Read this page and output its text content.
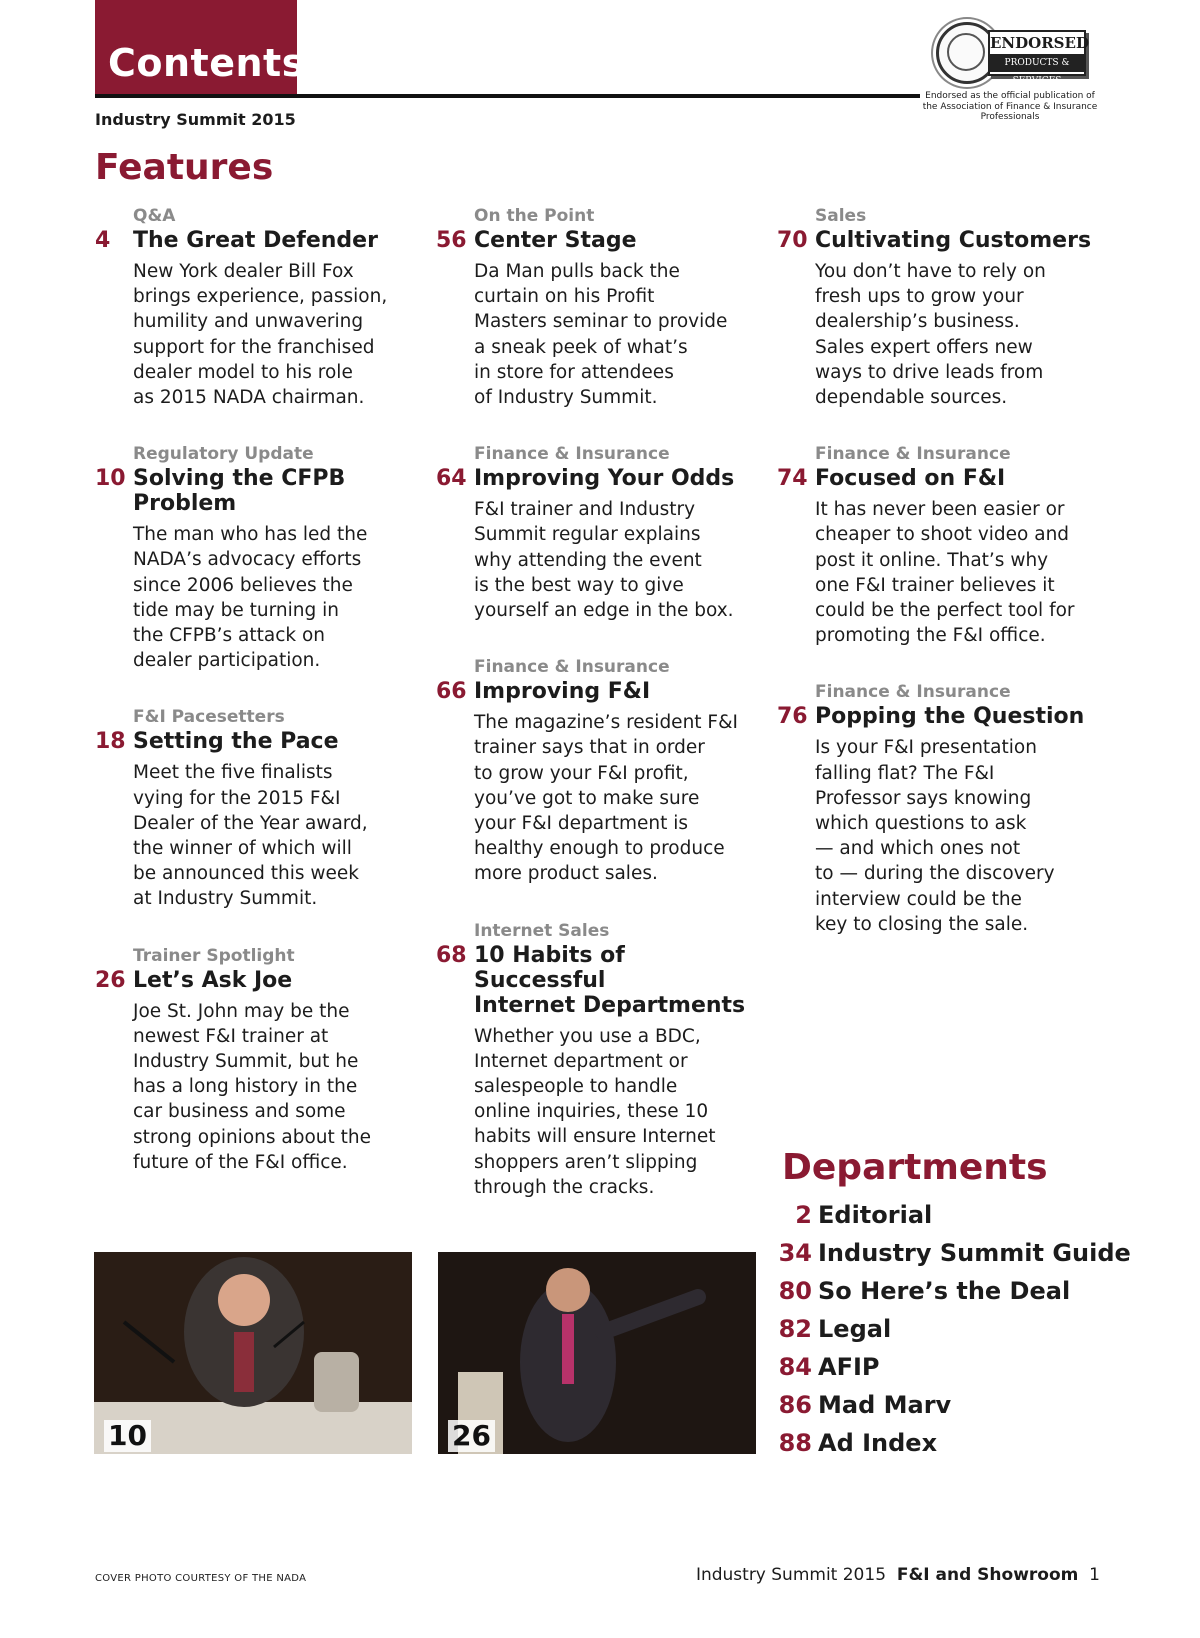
Contents
Industry Summit 2015
ENDORSED
PRODUCTS & SERVICES
Endorsed as the official publication of the Association of Finance & Insurance Professionals
Features
Q&A
4 The Great Defender
New York dealer Bill Fox
brings experience, passion,
humility and unwavering
support for the franchised
dealer model to his role
as 2015 NADA chairman.
Regulatory Update
10 Solving the CFPB
Problem
The man who has led the
NADA’s advocacy efforts
since 2006 believes the
tide may be turning in
the CFPB’s attack on
dealer participation.
F&I Pacesetters
18 Setting the Pace
Meet the five finalists
vying for the 2015 F&I
Dealer of the Year award,
the winner of which will
be announced this week
at Industry Summit.
Trainer Spotlight
26 Let’s Ask Joe
Joe St. John may be the
newest F&I trainer at
Industry Summit, but he
has a long history in the
car business and some
strong opinions about the
future of the F&I office.
On the Point
56 Center Stage
Da Man pulls back the
curtain on his Profit
Masters seminar to provide
a sneak peek of what’s
in store for attendees
of Industry Summit.
Finance & Insurance
64 Improving Your Odds
F&I trainer and Industry
Summit regular explains
why attending the event
is the best way to give
yourself an edge in the box.
Finance & Insurance
66 Improving F&I
The magazine’s resident F&I
trainer says that in order
to grow your F&I profit,
you’ve got to make sure
your F&I department is
healthy enough to produce
more product sales.
Internet Sales
68 10 Habits of Successful
Internet Departments
Whether you use a BDC,
Internet department or
salespeople to handle
online inquiries, these 10
habits will ensure Internet
shoppers aren’t slipping
through the cracks.
Sales
70 Cultivating Customers
You don’t have to rely on
fresh ups to grow your
dealership’s business.
Sales expert offers new
ways to drive leads from
dependable sources.
Finance & Insurance
74 Focused on F&I
It has never been easier or
cheaper to shoot video and
post it online. That’s why
one F&I trainer believes it
could be the perfect tool for
promoting the F&I office.
Finance & Insurance
76 Popping the Question
Is your F&I presentation
falling flat? The F&I
Professor says knowing
which questions to ask
— and which ones not
to — during the discovery
interview could be the
key to closing the sale.
10	26
Departments
2 Editorial
34 Industry Summit Guide
80 So Here’s the Deal
82 Legal
84 AFIP
86 Mad Marv
88 Ad Index
COVER PHOTO COURTESY OF THE NADA	Industry Summit 2015 F&I and Showroom 1
